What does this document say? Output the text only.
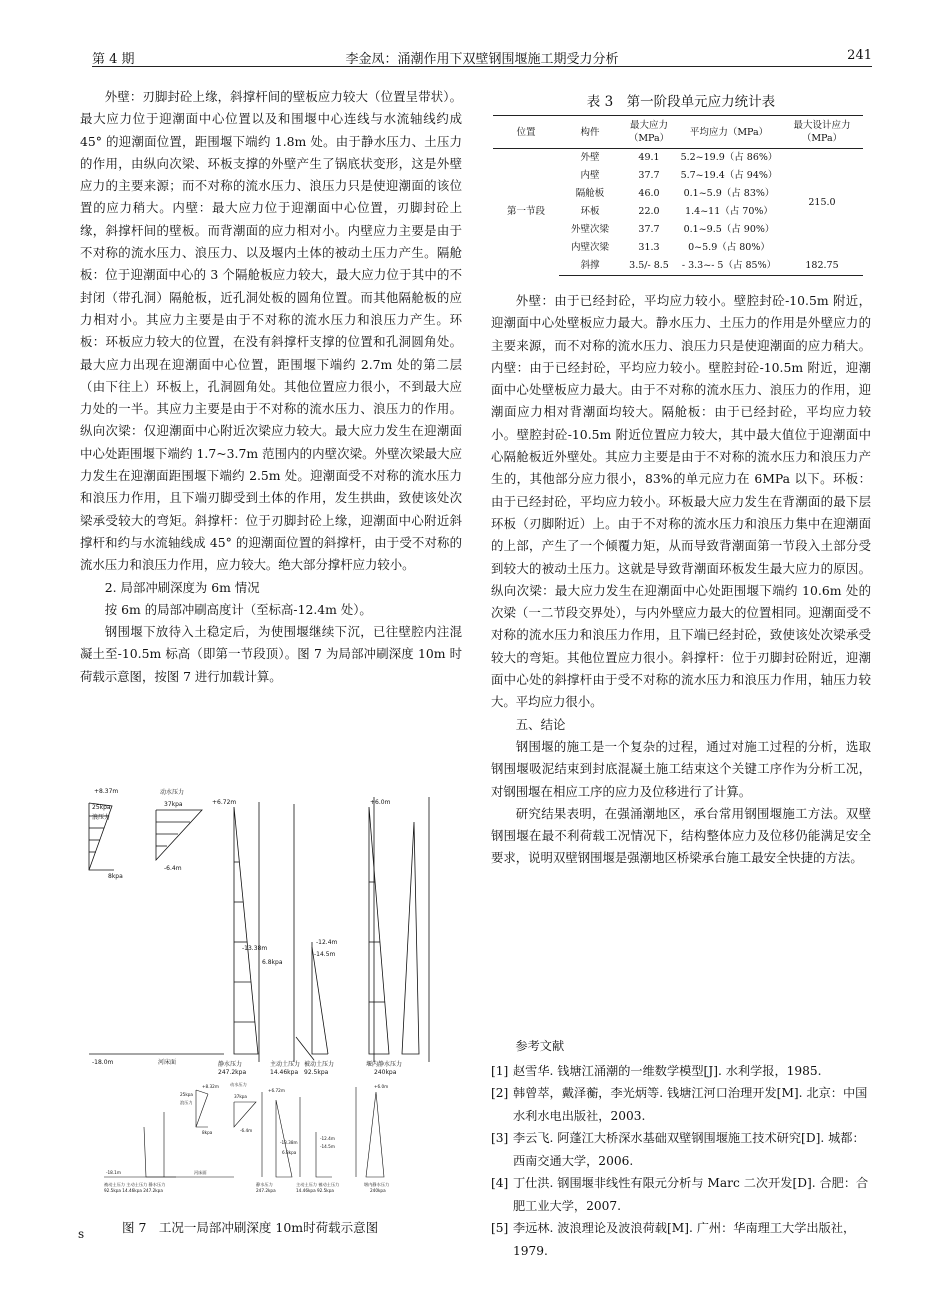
第 4 期	李金凤：涌潮作用下双壁钢围堰施工期受力分析	241

外壁：刃脚封砼上缘，斜撑杆间的壁板应力较大（位置呈带状）。最大应力位于迎潮面中心位置以及和围堰中心连线与水流轴线约成 45° 的迎潮面位置，距围堰下端约 1.8m 处。由于静水压力、土压力的作用，由纵向次梁、环板支撑的外壁产生了锅底状变形，这是外壁应力的主要来源；而不对称的流水压力、浪压力只是使迎潮面的该位置的应力稍大。内壁：最大应力位于迎潮面中心位置，刃脚封砼上缘，斜撑杆间的壁板。而背潮面的应力相对小。内壁应力主要是由于不对称的流水压力、浪压力、以及堰内土体的被动土压力产生。隔舱板：位于迎潮面中心的 3 个隔舱板应力较大，最大应力位于其中的不封闭（带孔洞）隔舱板，近孔洞处板的圆角位置。而其他隔舱板的应力相对小。其应力主要是由于不对称的流水压力和浪压力产生。环板：环板应力较大的位置，在没有斜撑杆支撑的位置和孔洞圆角处。最大应力出现在迎潮面中心位置，距围堰下端约 2.7m 处的第二层（由下往上）环板上，孔洞圆角处。其他位置应力很小，不到最大应力处的一半。其应力主要是由于不对称的流水压力、浪压力的作用。纵向次梁：仅迎潮面中心附近次梁应力较大。最大应力发生在迎潮面中心处距围堰下端约 1.7~3.7m 范围内的内壁次梁。外壁次梁最大应力发生在迎潮面距围堰下端约 2.5m 处。迎潮面受不对称的流水压力和浪压力作用，且下端刃脚受到土体的作用，发生拱曲，致使该处次梁承受较大的弯矩。斜撑杆：位于刃脚封砼上缘，迎潮面中心附近斜撑杆和约与水流轴线成 45° 的迎潮面位置的斜撑杆，由于受不对称的流水压力和浪压力作用，应力较大。绝大部分撑杆应力较小。

2. 局部冲刷深度为 6m 情况

按 6m 的局部冲刷高度计（至标高-12.4m 处）。

钢围堰下放待入土稳定后，为使围堰继续下沉，已往壁腔内注混凝土至-10.5m 标高（即第一节段顶）。图 7 为局部冲刷深度 10m 时荷载示意图，按图 7 进行加载计算。

表 3　第一阶段单元应力统计表
位置	构件	最大应力（MPa）	平均应力（MPa）	最大设计应力（MPa）
第一节段	外壁	49.1	5.2~19.9（占 86%）	215.0
	内壁	37.7	5.7~19.4（占 94%）	
	隔舱板	46.0	0.1~5.9（占 83%）	
	环板	22.0	1.4~11（占 70%）	
	外壁次梁	37.7	0.1~9.5（占 90%）	
	内壁次梁	31.3	0~5.9（占 80%）	
	斜撑	3.5/- 8.5	- 3.3~- 5（占 85%）	182.75

外壁：由于已经封砼，平均应力较小。壁腔封砼-10.5m 附近，迎潮面中心处壁板应力最大。静水压力、土压力的作用是外壁应力的主要来源，而不对称的流水压力、浪压力只是使迎潮面的应力稍大。内壁：由于已经封砼，平均应力较小。壁腔封砼-10.5m 附近，迎潮面中心处壁板应力最大。由于不对称的流水压力、浪压力的作用，迎潮面应力相对背潮面均较大。隔舱板：由于已经封砼，平均应力较小。壁腔封砼-10.5m 附近位置应力较大，其中最大值位于迎潮面中心隔舱板近外壁处。其应力主要是由于不对称的流水压力和浪压力产生的，其他部分应力很小，83%的单元应力在 6MPa 以下。环板：由于已经封砼，平均应力较小。环板最大应力发生在背潮面的最下层环板（刃脚附近）上。由于不对称的流水压力和浪压力集中在迎潮面的上部，产生了一个倾覆力矩，从而导致背潮面第一节段入土部分受到较大的被动土压力。这就是导致背潮面环板发生最大应力的原因。纵向次梁：最大应力发生在迎潮面中心处距围堰下端约 10.6m 处的次梁（一二节段交界处），与内外壁应力最大的位置相同。迎潮面受不对称的流水压力和浪压力作用，且下端已经封砼，致使该处次梁承受较大的弯矩。其他位置应力很小。斜撑杆：位于刃脚封砼附近，迎潮面中心处的斜撑杆由于受不对称的流水压力和浪压力作用，轴压力较大。平均应力很小。

五、结论

钢围堰的施工是一个复杂的过程，通过对施工过程的分析，选取钢围堰吸泥结束到封底混凝土施工结束这个关键工序作为分析工况，对钢围堰在相应工序的应力及位移进行了计算。

研究结果表明，在强涌潮地区，承台常用钢围堰施工方法。双壁钢围堰在最不利荷载工况情况下，结构整体应力及位移仍能满足安全要求，说明双壁钢围堰是强潮地区桥梁承台施工最安全快捷的方法。

参考文献

[1] 赵雪华. 钱塘江涌潮的一维数学模型[J]. 水利学报，1985.
[2] 韩曾萃，戴泽蘅，李光炳等. 钱塘江河口治理开发[M]. 北京：中国水利水电出版社，2003.
[3] 李云飞. 阿蓬江大桥深水基础双壁钢围堰施工技术研究[D]. 城都：西南交通大学，2006.
[4] 丁仕洪. 钢围堰非线性有限元分析与 Marc 二次开发[D]. 合肥：合肥工业大学，2007.
[5] 李远林. 波浪理论及波浪荷载[M]. 广州：华南理工大学出版社，1979.
+8.37m
浪压力
25kpa
8kpa
动水压力
37kpa	+6.72m
-6.4m
+6.0m
-12.4m
-13.38m
-14.5m
6.8kpa
-18.0m	河床面	静水压力
247.2kpa
主动土压力
14.46kpa
被动土压力
92.5kpa
堰内静水压力
240kpa
+8.32m	动水压力
25kpa
浪压力
37kpa
+6.72m
-6.4m
8kpa
+6.0m
-12.4m
-13.38m
-14.5m
6.8kpa
-18.1m	河床面
被动土压力 主动土压力 静水压力
92.5kpa 14.46kpa 247.2kpa
静水压力
247.2kpa
主动土压力 被动土压力
14.46kpa 92.5kpa
堰内静水压力
240kpa
图 7　工况一局部冲刷深度 10m时荷载示意图
s
